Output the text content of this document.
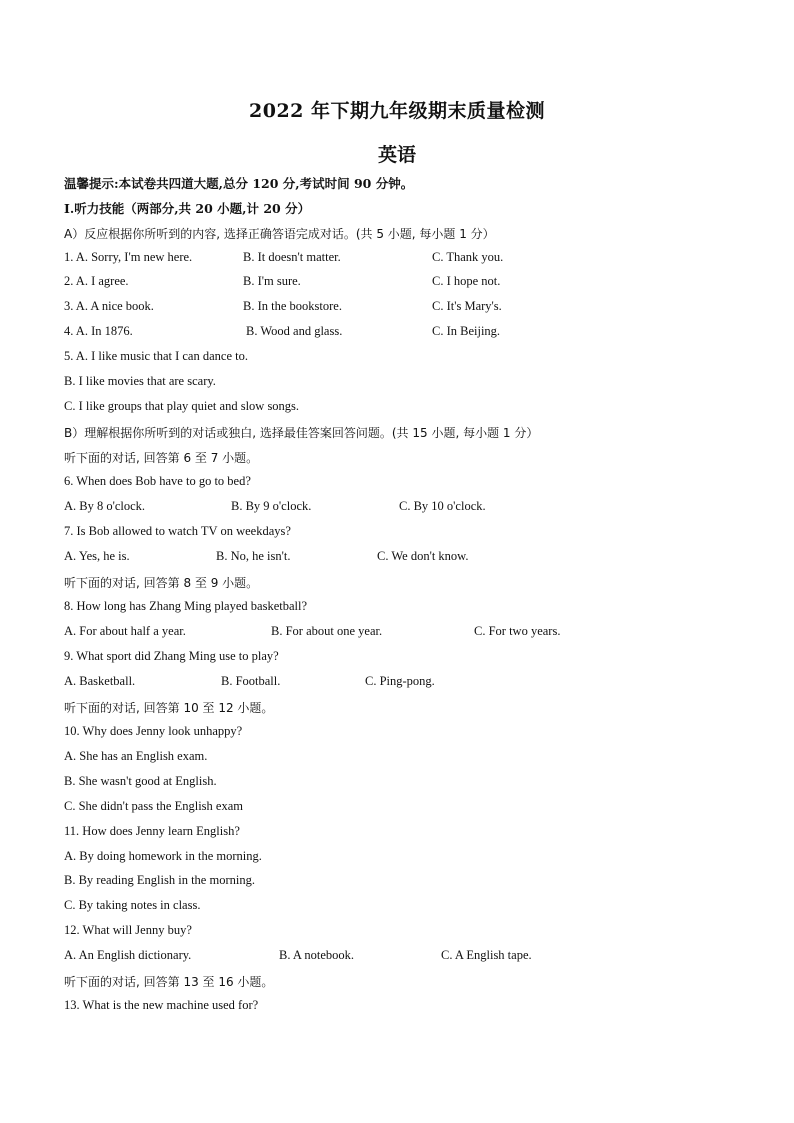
2022 年下期九年级期末质量检测
英语
温馨提示:本试卷共四道大题,总分 120 分,考试时间 90 分钟。
I.听力技能（两部分,共 20 小题,计 20 分）
A）反应根据你所听到的内容, 选择正确答语完成对话。(共 5 小题, 每小题 1 分）
1. A. Sorry, I'm new here.	B. It doesn't matter.	C. Thank you.
2. A. I agree.	B. I'm sure.	C. I hope not.
3. A. A nice book.	B. In the bookstore.	C. It's Mary's.
4. A. In 1876.	B. Wood and glass.	C. In Beijing.
5. A. I like music that I can dance to.
B. I like movies that are scary.
C. I like groups that play quiet and slow songs.
B）理解根据你所听到的对话或独白, 选择最佳答案回答问题。(共 15 小题, 每小题 1 分）
听下面的对话, 回答第 6 至 7 小题。
6. When does Bob have to go to bed?
A. By 8 o'clock.	B. By 9 o'clock.	C. By 10 o'clock.
7. Is Bob allowed to watch TV on weekdays?
A. Yes, he is.	B. No, he isn't.	C. We don't know.
听下面的对话, 回答第 8 至 9 小题。
8. How long has Zhang Ming played basketball?
A. For about half a year.	B. For about one year.	C. For two years.
9. What sport did Zhang Ming use to play?
A. Basketball.	B. Football.	C. Ping-pong.
听下面的对话, 回答第 10 至 12 小题。
10. Why does Jenny look unhappy?
A. She has an English exam.
B. She wasn't good at English.
C. She didn't pass the English exam
11. How does Jenny learn English?
A. By doing homework in the morning.
B. By reading English in the morning.
C. By taking notes in class.
12. What will Jenny buy?
A. An English dictionary.	B. A notebook.	C. A English tape.
听下面的对话, 回答第 13 至 16 小题。
13. What is the new machine used for?
